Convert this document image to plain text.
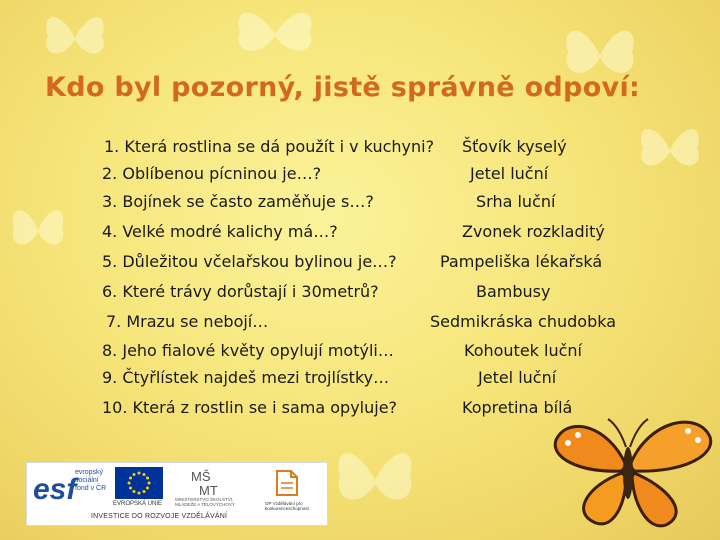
Kdo byl pozorný, jistě správně odpoví:
1. Která rostlina se dá použít i v kuchyni?
2. Oblíbenou pícninou je…?
3. Bojínek se často zaměňuje s…?
4. Velké modré kalichy má…?
5. Důležitou včelařskou bylinou je…?
6. Které trávy dorůstají i 30metrů?
7. Mrazu se nebojí…
8. Jeho fialové květy opylují motýli…
9. Čtyřlístek najdeš mezi trojlístky…
10. Která z rostlin se i sama opyluje?
Šťovík kyselý
Jetel luční
Srha luční
Zvonek rozkladitý
Pampeliška lékařská
Bambusy
Sedmikráska chudobka
Kohoutek luční
Jetel luční
Kopretina bílá
esf
evropský
sociální
fond v ČR
EVROPSKÁ UNIE
MŠ
MT
MINISTERSTVO ŠKOLSTVÍ, MLÁDEŽE A TĚLOVÝCHOVY	OP Vzdělávání pro konkurenceschopnost
INVESTICE DO ROZVOJE VZDĚLÁVÁNÍ
